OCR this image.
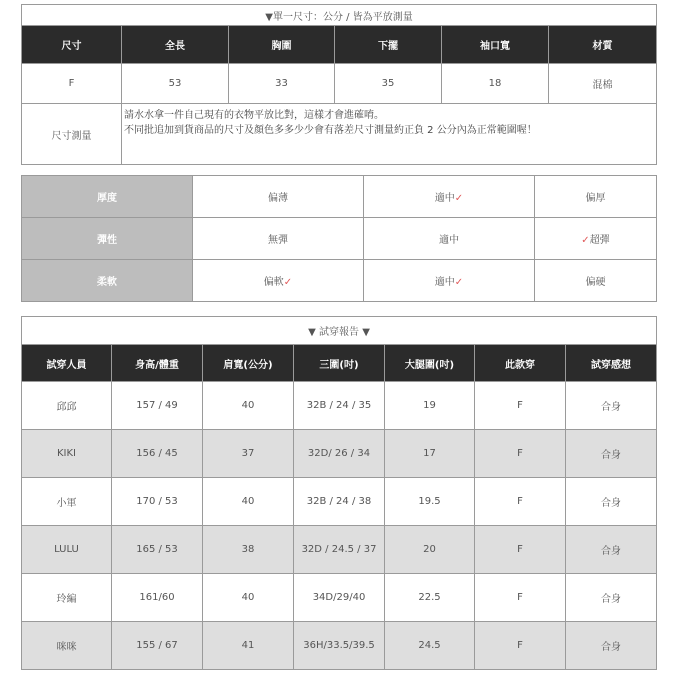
▼單一尺寸：公分 / 皆為平放測量					
尺寸	全長	胸圍	下擺	袖口寬	材質
F	53	33	35	18	混棉
尺寸測量	請水水拿一件自己現有的衣物平放比對，這樣才會進確唷。
不同批追加到貨商品的尺寸及顏色多多少少會有落差尺寸測量約正負 2 公分內為正常範圍喔！				
厚度	偏薄	適中✓	偏厚
彈性	無彈	適中	✓超彈
柔軟	偏軟✓	適中✓	偏硬
▼ 試穿報告 ▼						
試穿人員	身高/體重	肩寬(公分)	三圍(吋)	大腿圍(吋)	此款穿	試穿感想
邱邱	157 / 49	40	32B / 24 / 35	19	F	合身
KIKI	156 / 45	37	32D/ 26 / 34	17	F	合身
小軍	170 / 53	40	32B / 24 / 38	19.5	F	合身
LULU	165 / 53	38	32D / 24.5 / 37	20	F	合身
玲編	161/60	40	34D/29/40	22.5	F	合身
咪咪	155 / 67	41	36H/33.5/39.5	24.5	F	合身
